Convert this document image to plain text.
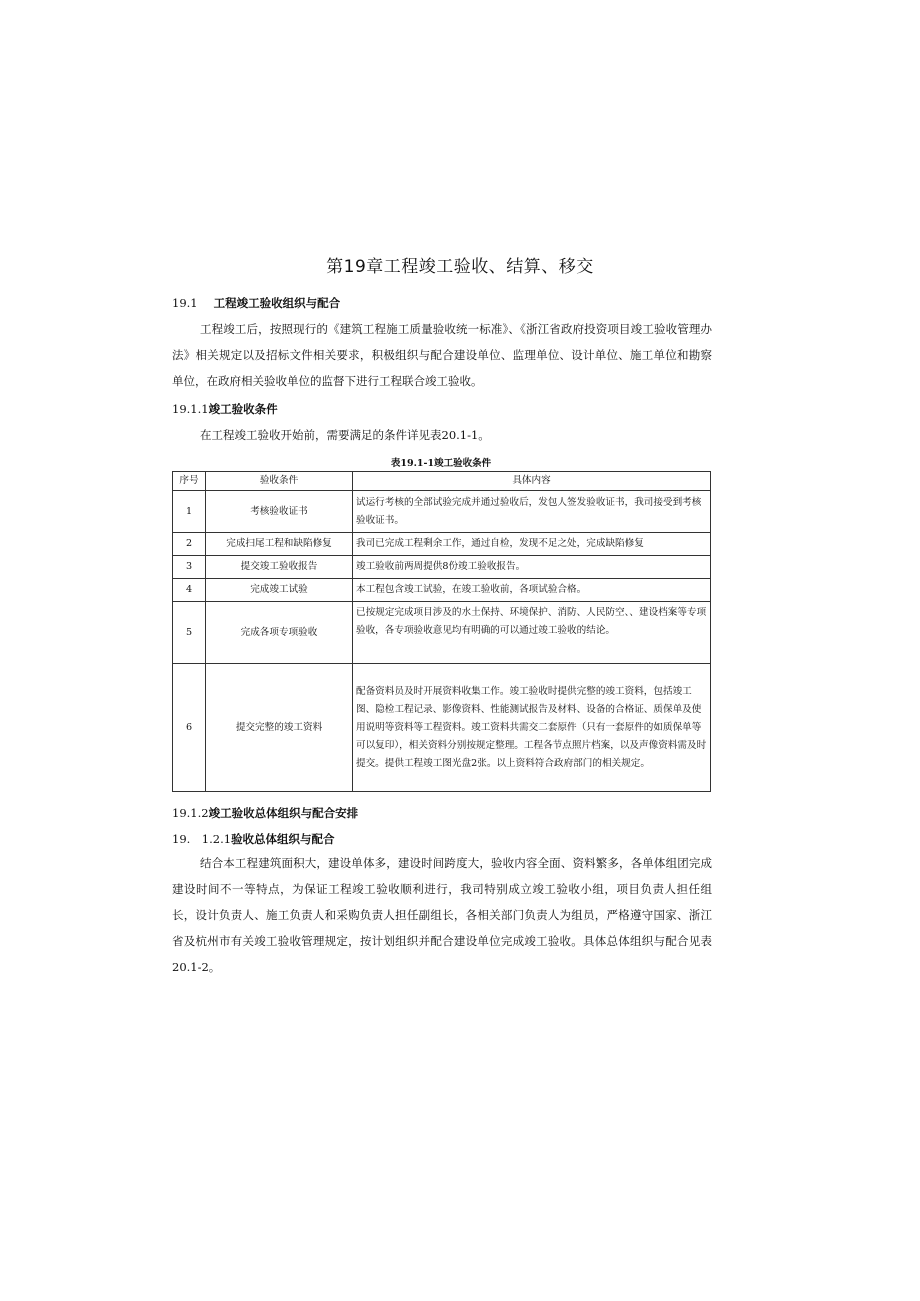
第19章工程竣工验收、结算、移交
19.1 工程竣工验收组织与配合

工程竣工后，按照现行的《建筑工程施工质量验收统一标准》、《浙江省政府投资项目竣工验收管理办法》相关规定以及招标文件相关要求，积极组织与配合建设单位、监理单位、设计单位、施工单位和勘察单位，在政府相关验收单位的监督下进行工程联合竣工验收。

19.1.1竣工验收条件

在工程竣工验收开始前，需要满足的条件详见表20.1-1。

表19.1-1竣工验收条件
序号	验收条件	具体内容
1	考核验收证书	试运行考核的全部试验完成并通过验收后，发包人签发验收证书，我司接受到考核验收证书。
2	完成扫尾工程和缺陷修复	我司已完成工程剩余工作，通过自检，发现不足之处，完成缺陷修复
3	提交竣工验收报告	竣工验收前两周提供8份竣工验收报告。
4	完成竣工试验	本工程包含竣工试验，在竣工验收前，各项试验合格。
5	完成各项专项验收	已按规定完成项目涉及的水土保持、环境保护、消防、人民防空、、建设档案等专项验收，各专项验收意见均有明确的可以通过竣工验收的结论。
6	提交完整的竣工资料	配备资料员及时开展资料收集工作。竣工验收时提供完整的竣工资料，包括竣工图、隐检工程记录、影像资料、性能测试报告及材料、设备的合格证、质保单及使用说明等资料等工程资料。竣工资料共需交二套原件（只有一套原件的如质保单等可以复印），相关资料分别按规定整理。工程各节点照片档案，以及声像资料需及时提交。提供工程竣工图光盘2张。以上资料符合政府部门的相关规定。
19.1.2竣工验收总体组织与配合安排
19.　1.2.1验收总体组织与配合

结合本工程建筑面积大，建设单体多，建设时间跨度大，验收内容全面、资料繁多，各单体组团完成建设时间不一等特点，为保证工程竣工验收顺利进行，我司特别成立竣工验收小组，项目负责人担任组长，设计负责人、施工负责人和采购负责人担任副组长，各相关部门负责人为组员，严格遵守国家、浙江省及杭州市有关竣工验收管理规定，按计划组织并配合建设单位完成竣工验收。具体总体组织与配合见表20.1-2。
